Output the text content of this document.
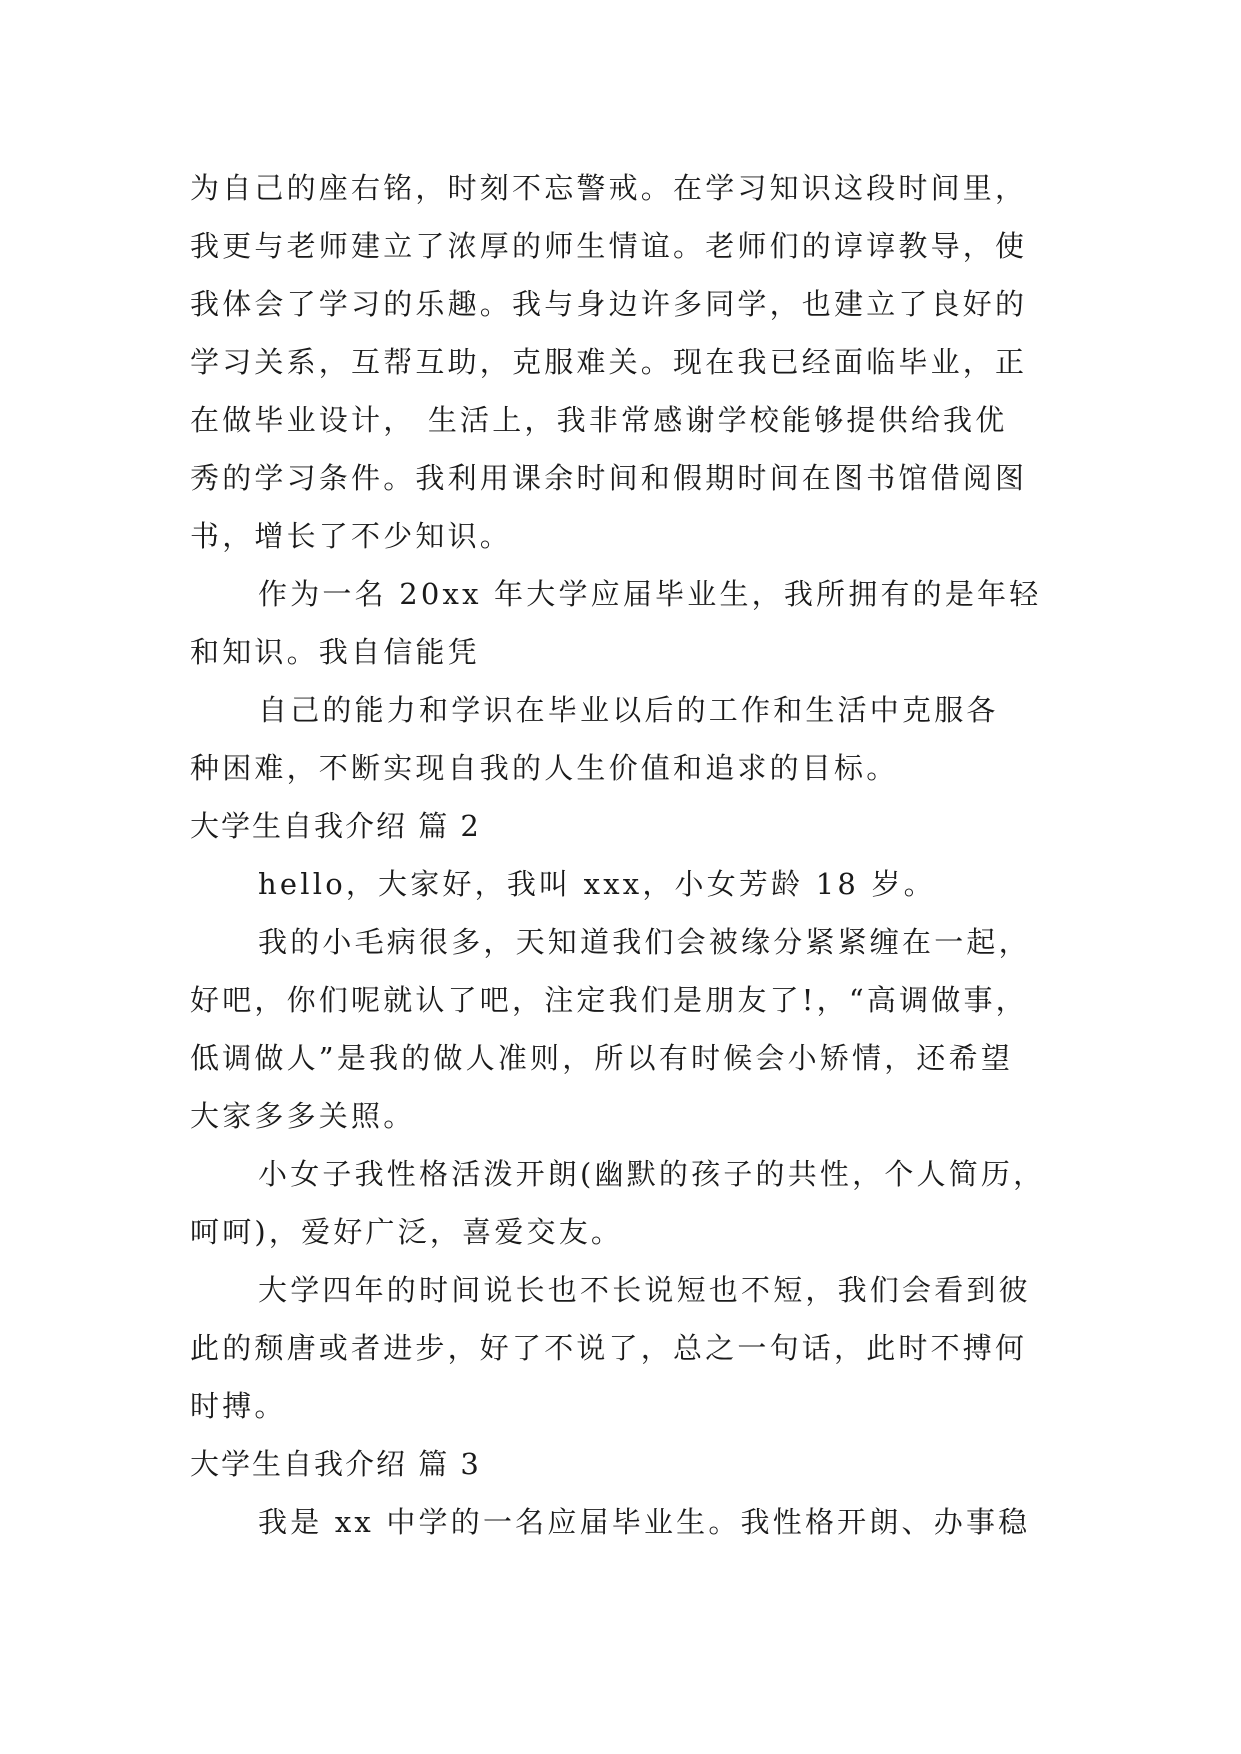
为自己的座右铭，时刻不忘警戒。在学习知识这段时间里，
我更与老师建立了浓厚的师生情谊。老师们的谆谆教导，使
我体会了学习的乐趣。我与身边许多同学，也建立了良好的
学习关系，互帮互助，克服难关。现在我已经面临毕业，正
在做毕业设计， 生活上，我非常感谢学校能够提供给我优
秀的学习条件。我利用课余时间和假期时间在图书馆借阅图
书，增长了不少知识。
作为一名 20xx 年大学应届毕业生，我所拥有的是年轻
和知识。我自信能凭
自己的能力和学识在毕业以后的工作和生活中克服各
种困难，不断实现自我的人生价值和追求的目标。
大学生自我介绍 篇 2
hello，大家好，我叫 xxx，小女芳龄 18 岁。
我的小毛病很多，天知道我们会被缘分紧紧缠在一起，
好吧，你们呢就认了吧，注定我们是朋友了!，“高调做事，
低调做人”是我的做人准则，所以有时候会小矫情，还希望
大家多多关照。
小女子我性格活泼开朗(幽默的孩子的共性，个人简历，
呵呵)，爱好广泛，喜爱交友。
大学四年的时间说长也不长说短也不短，我们会看到彼
此的颓唐或者进步，好了不说了，总之一句话，此时不搏何
时搏。
大学生自我介绍 篇 3
我是 xx 中学的一名应届毕业生。我性格开朗、办事稳
